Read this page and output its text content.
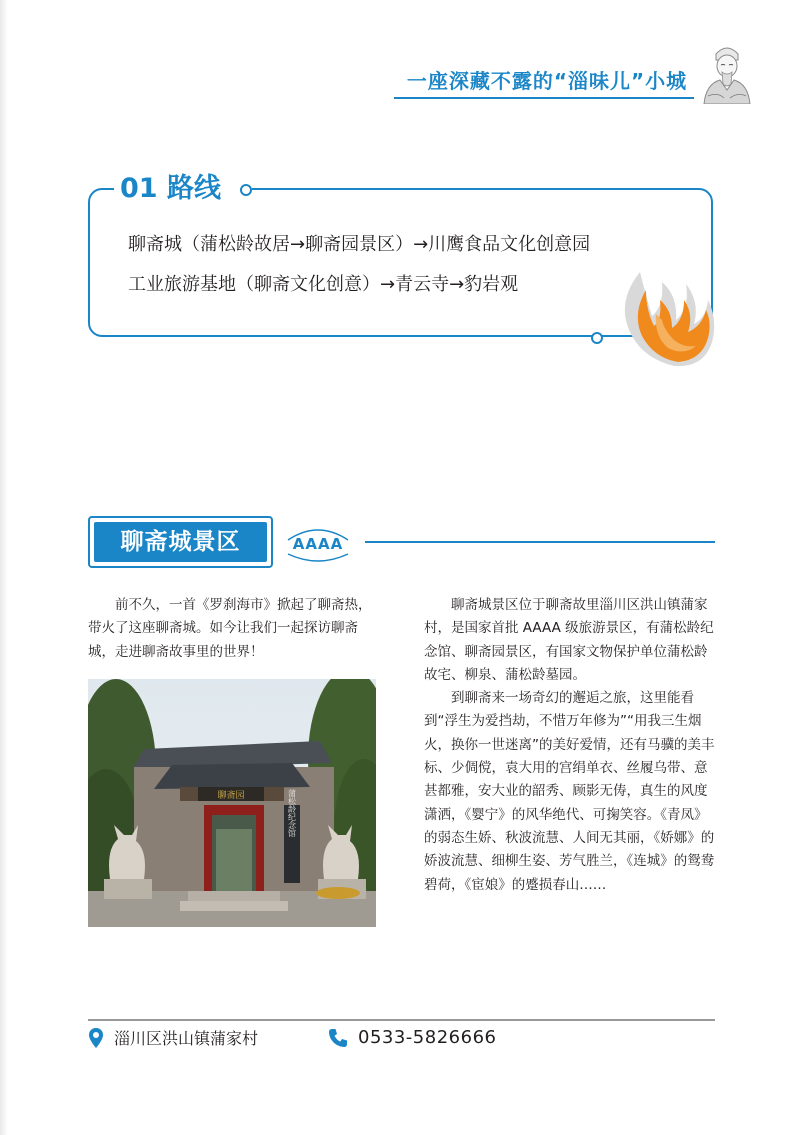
一座深藏不露的“淄味儿”小城
01 路线
聊斋城（蒲松龄故居→聊斋园景区）→川鹰食品文化创意园
工业旅游基地（聊斋文化创意）→青云寺→豹岩观
聊斋城景区	AAAA

前不久，一首《罗刹海市》掀起了聊斋热，带火了这座聊斋城。如今让我们一起探访聊斋城，走进聊斋故事里的世界！

聊斋园	蒲松龄纪念馆

聊斋城景区位于聊斋故里淄川区洪山镇蒲家村，是国家首批 AAAA 级旅游景区，有蒲松龄纪念馆、聊斋园景区，有国家文物保护单位蒲松龄故宅、柳泉、蒲松龄墓园。

到聊斋来一场奇幻的邂逅之旅，这里能看到“浮生为爱挡劫，不惜万年修为”“用我三生烟火，换你一世迷离”的美好爱情，还有马骥的美丰标、少倜傥，袁大用的宫绢单衣、丝履乌带、意甚都雅，安大业的韶秀、顾影无俦，真生的风度潇洒，《婴宁》的风华绝代、可掬笑容。《青凤》的弱态生娇、秋波流慧、人间无其丽，《娇娜》的娇波流慧、细柳生姿、芳气胜兰，《连城》的鸳鸯碧荷，《宦娘》的蹙损春山……

淄川区洪山镇蒲家村	0533-5826666
